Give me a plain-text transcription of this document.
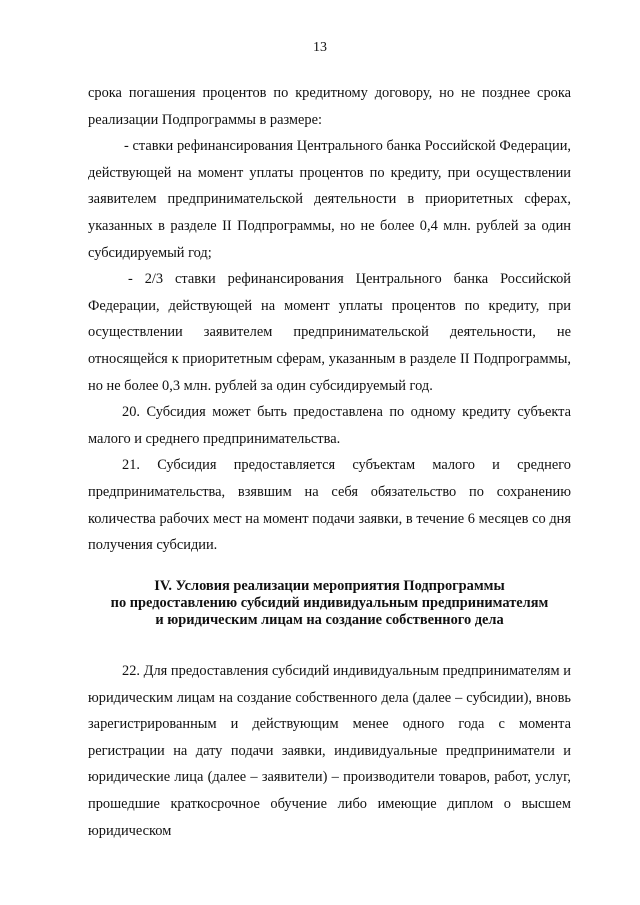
13

срока погашения процентов по кредитному договору, но не позднее срока реализации Подпрограммы в размере:

- ставки рефинансирования Центрального банка Российской Федерации, действующей на момент уплаты процентов по кредиту, при осуществлении заявителем предпринимательской деятельности в приоритетных сферах, указанных в разделе II Подпрограммы, но не более 0,4 млн. рублей за один субсидируемый год;

- 2/3 ставки рефинансирования Центрального банка Российской Федерации, действующей на момент уплаты процентов по кредиту, при осуществлении заявителем предпринимательской деятельности, не относящейся к приоритетным сферам, указанным в разделе II Подпрограммы, но не более 0,3 млн. рублей за один субсидируемый год.

20. Субсидия может быть предоставлена по одному кредиту субъекта малого и среднего предпринимательства.

21. Субсидия предоставляется субъектам малого и среднего предпринимательства, взявшим на себя обязательство по сохранению количества рабочих мест на момент подачи заявки, в течение 6 месяцев со дня получения субсидии.

IV. Условия реализации мероприятия Подпрограммы
по предоставлению субсидий индивидуальным предпринимателям
и юридическим лицам на создание собственного дела

22. Для предоставления субсидий индивидуальным предпринимателям и юридическим лицам на создание собственного дела (далее – субсидии), вновь зарегистрированным и действующим менее одного года с момента регистрации на дату подачи заявки, индивидуальные предприниматели и юридические лица (далее – заявители) – производители товаров, работ, услуг, прошедшие краткосрочное обучение либо имеющие диплом о высшем юридическом
